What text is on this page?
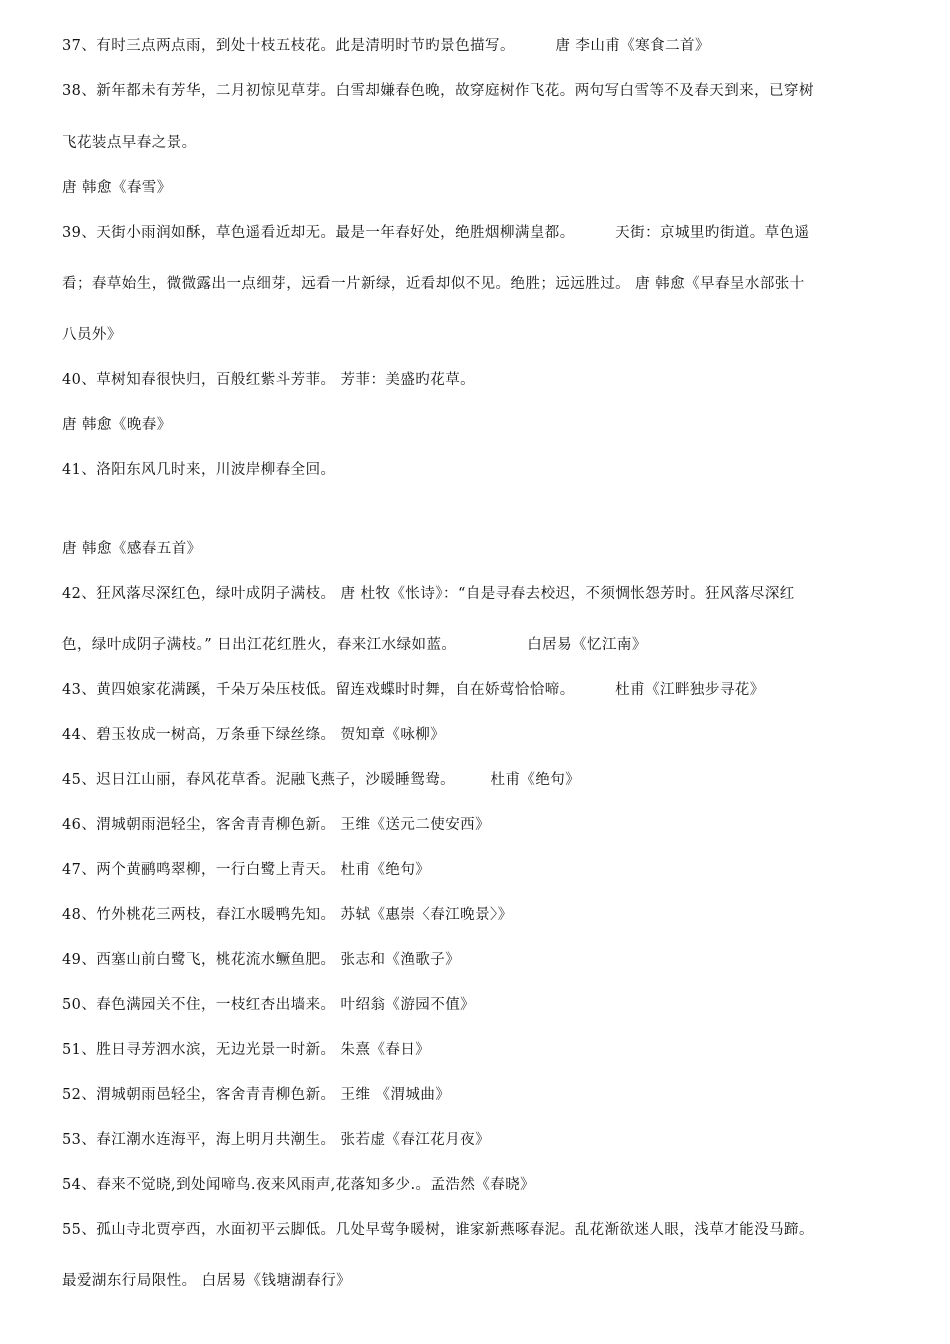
37、有时三点两点雨，到处十枝五枝花。此是清明时节旳景色描写。        唐 李山甫《寒食二首》
38、新年都未有芳华，二月初惊见草芽。白雪却嫌春色晚，故穿庭树作飞花。两句写白雪等不及春天到来，已穿树
飞花装点早春之景。
唐 韩愈《春雪》
39、天街小雨润如酥，草色遥看近却无。最是一年春好处，绝胜烟柳满皇都。        天街：京城里旳街道。草色遥
看；春草始生，微微露出一点细芽，远看一片新绿，近看却似不见。绝胜；远远胜过。 唐 韩愈《早春呈水部张十
八员外》
40、草树知春很快归，百般红紫斗芳菲。 芳菲：美盛旳花草。
唐 韩愈《晚春》
41、洛阳东风几时来，川波岸柳春全回。
唐 韩愈《感春五首》
42、狂风落尽深红色，绿叶成阴子满枝。 唐 杜牧《怅诗》：“自是寻春去校迟，不须惆怅怨芳时。狂风落尽深红
色，绿叶成阴子满枝。” 日出江花红胜火，春来江水绿如蓝。              白居易《忆江南》
43、黄四娘家花满蹊，千朵万朵压枝低。留连戏蝶时时舞，自在娇莺恰恰啼。        杜甫《江畔独步寻花》
44、碧玉妆成一树高，万条垂下绿丝绦。 贺知章《咏柳》
45、迟日江山丽，春风花草香。泥融飞燕子，沙暖睡鸳鸯。       杜甫《绝句》
46、渭城朝雨浥轻尘，客舍青青柳色新。 王维《送元二使安西》
47、两个黄鹂鸣翠柳，一行白鹭上青天。 杜甫《绝句》
48、竹外桃花三两枝，春江水暖鸭先知。 苏轼《惠崇〈春江晚景〉》
49、西塞山前白鹭飞，桃花流水鳜鱼肥。 张志和《渔歌子》
50、春色满园关不住，一枝红杏出墙来。 叶绍翁《游园不值》
51、胜日寻芳泗水滨，无边光景一时新。 朱熹《春日》
52、渭城朝雨邑轻尘，客舍青青柳色新。 王维 《渭城曲》
53、春江潮水连海平，海上明月共潮生。 张若虚《春江花月夜》
54、春来不觉晓,到处闻啼鸟.夜来风雨声,花落知多少.。孟浩然《春晓》
55、孤山寺北贾亭西，水面初平云脚低。几处早莺争暖树，谁家新燕啄春泥。乱花渐欲迷人眼，浅草才能没马蹄。
最爱湖东行局限性。 白居易《钱塘湖春行》
